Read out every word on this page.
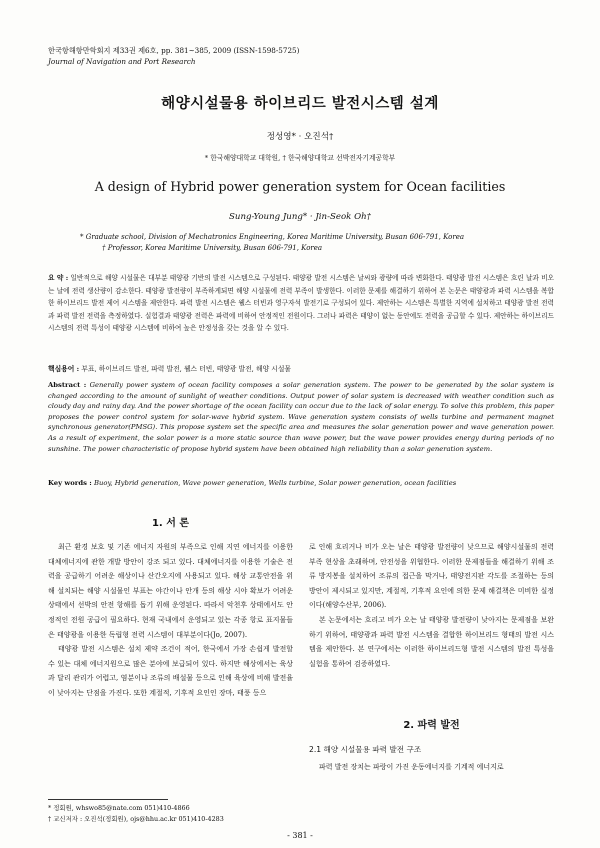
한국항해항만학회지 제33권 제6호, pp. 381~385, 2009 (ISSN-1598-5725)
Journal of Navigation and Port Research
해양시설물용 하이브리드 발전시스템 설계
정성영* · 오진석†
* 한국해양대학교 대학원, † 한국해양대학교 선박전자기계공학부
A design of Hybrid power generation system for Ocean facilities
Sung-Young Jung* · Jin-Seok Oh†
* Graduate school, Division of Mechatronics Engineering, Korea Maritime University, Busan 606-791, Korea
† Professor, Korea Maritime University, Busan 606-791, Korea
요 약 : 일반적으로 해양 시설물은 대부분 태양광 기반의 발전 시스템으로 구성된다. 태양광 발전 시스템은 날씨와 광량에 따라 변화한다. 태양광 발전 시스템은 흐린 날과 비오는 날에 전력 생산량이 감소한다. 태양광 발전량이 부족하게되면 해양 시설물에 전력 부족이 발생한다. 이러한 문제를 해결하기 위하여 본 논문은 태양광과 파력 시스템을 복합한 하이브리드 발전 제어 시스템을 제안한다. 파력 발전 시스템은 웰스 터빈과 영구자석 발전기로 구성되어 있다. 제안하는 시스템은 특별한 지역에 설치하고 태양광 발전 전력과 파력 발전 전력을 측정하였다. 실험결과 태양광 전력은 파력에 비하여 안정적인 전원이다. 그러나 파력은 태양이 없는 동안에도 전력을 공급할 수 있다. 제안하는 하이브리드 시스템의 전력 특성이 태양광 시스템에 비하여 높은 안정성을 갖는 것을 알 수 있다.
핵심용어 : 부표, 하이브리드 발전, 파력 발전, 웰스 터빈, 태양광 발전, 해양 시설물
Abstract : Generally power system of ocean facility composes a solar generation system. The power to be generated by the solar system is changed according to the amount of sunlight of weather conditions. Output power of solar system is decreased with weather condition such as cloudy day and rainy day. And the power shortage of the ocean facility can occur due to the lack of solar energy. To solve this problem, this paper proposes the power control system for solar-wave hybrid system. Wave generation system consists of wells turbine and permanent magnet synchronous generator(PMSG). This propose system set the specific area and measures the solar generation power and wave generation power. As a result of experiment, the solar power is a more static source than wave power, but the wave power provides energy during periods of no sunshine. The power characteristic of propose hybrid system have been obtained high reliability than a solar generation system.
Key words : Buoy, Hybrid generation, Wave power generation, Wells turbine, Solar power generation, ocean facilities
1. 서 론

최근 환경 보호 및 기존 에너지 자원의 부족으로 인해 지연 에너지를 이용한 대체에너지에 관한 개발 방안이 강조 되고 있다. 대체에너지를 이용한 기술은 전력을 공급하기 어려운 해상이나 산간오지에 사용되고 있다. 해상 교통안전을 위해 설치되는 해양 시설물인 부표는 야간이나 안개 등의 해상 시야 확보가 어려운 상태에서 선박의 안전 항해를 돕기 위해 운영된다. 따라서 악천후 상태에서도 안정적인 전원 공급이 필요하다. 현재 국내에서 운영되고 있는 각종 항로 표지물들은 태양광을 이용한 독립형 전력 시스템이 대부분이다(Jo, 2007).

태양광 발전 시스템은 설치 제약 조건이 적어, 한국에서 가장 손쉽게 발전할 수 있는 대체 에너지원으로 많은 분야에 보급되어 있다. 하지만 해상에서는 육상과 달리 관리가 어렵고, 염분이나 조류의 배설물 등으로 인해 육상에 비해 발전율이 낮아지는 단점을 가진다. 또한 계절적, 기후적 요인인 장마, 태풍 등으

로 인해 흐리거나 비가 오는 날은 태양광 발전량이 낮으므로 해양시설물의 전력 부족 현상을 초래하며, 안전성을 위협한다. 이러한 문제점들을 해결하기 위해 조류 방지봉을 설치하여 조류의 접근을 막거나, 태양전지판 각도를 조절하는 등의 방안이 제시되고 있지만, 계절적, 기후적 요인에 의한 문제 해결책은 미비한 실정이다(해양수산부, 2006).

본 논문에서는 흐리고 비가 오는 날 태양광 발전량이 낮아지는 문제점을 보완하기 위하여, 태양광과 파력 발전 시스템을 결합한 하이브리드 형태의 발전 시스템을 제안한다. 본 연구에서는 이러한 하이브리드형 발전 시스템의 발전 특성을 실험을 통하여 검증하였다.

2. 파력 발전
2.1 해양 시설물용 파력 발전 구조

파력 발전 장치는 파랑이 가진 운동에너지를 기계적 에너지로

* 정회원, whswo85@nate.com 051)410-4866
† 교신저자 : 오진석(정회원), ojs@hhu.ac.kr 051)410-4283
- 381 -
